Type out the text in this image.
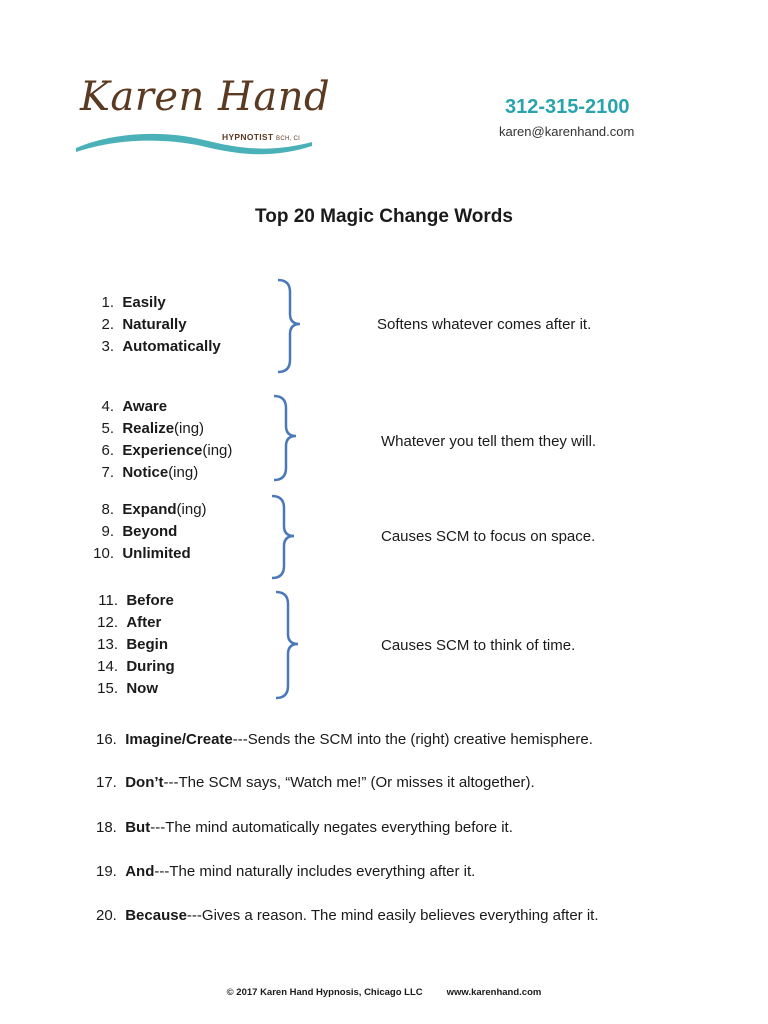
Karen Hand
HYPNOTIST BCH, CI
312-315-2100
karen@karenhand.com
Top 20 Magic Change Words
1. Easily
2. Naturally
3. Automatically
Softens whatever comes after it.
4. Aware
5. Realize(ing)
6. Experience(ing)
7. Notice(ing)
Whatever you tell them they will.
8. Expand(ing)
9. Beyond
10. Unlimited
Causes SCM to focus on space.
11. Before
12. After
13. Begin
14. During
15. Now
Causes SCM to think of time.
16. Imagine/Create---Sends the SCM into the (right) creative hemisphere.
17. Don’t---The SCM says, “Watch me!” (Or misses it altogether).
18. But---The mind automatically negates everything before it.
19. And---The mind naturally includes everything after it.
20. Because---Gives a reason. The mind easily believes everything after it.
© 2017 Karen Hand Hypnosis, Chicago LLC	www.karenhand.com
